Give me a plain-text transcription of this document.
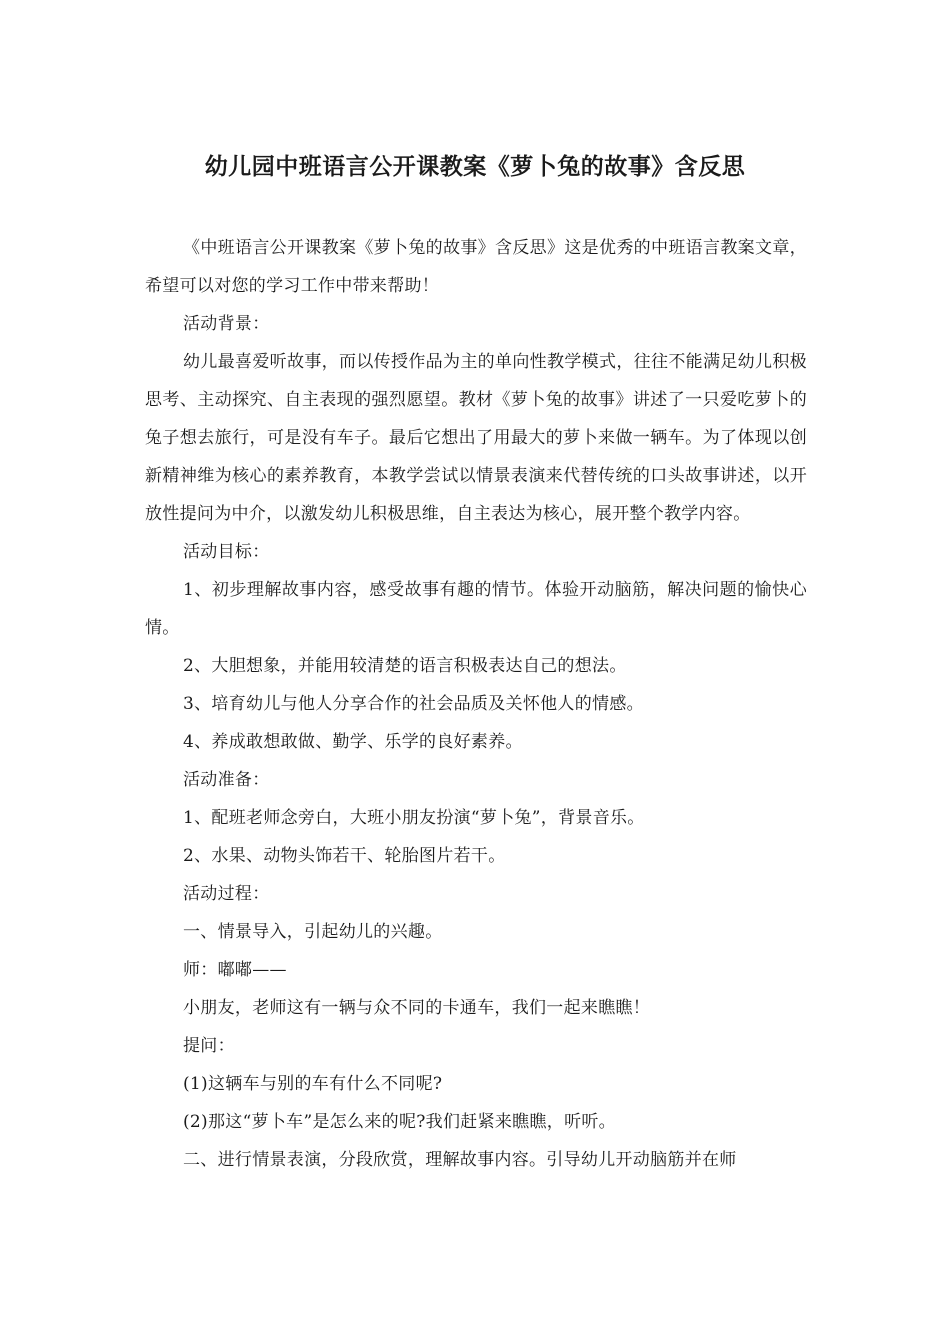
幼儿园中班语言公开课教案《萝卜兔的故事》含反思

《中班语言公开课教案《萝卜兔的故事》含反思》这是优秀的中班语言教案文章，希望可以对您的学习工作中带来帮助！

活动背景：

幼儿最喜爱听故事，而以传授作品为主的单向性教学模式，往往不能满足幼儿积极思考、主动探究、自主表现的强烈愿望。教材《萝卜兔的故事》讲述了一只爱吃萝卜的兔子想去旅行，可是没有车子。最后它想出了用最大的萝卜来做一辆车。为了体现以创新精神维为核心的素养教育，本教学尝试以情景表演来代替传统的口头故事讲述，以开放性提问为中介，以激发幼儿积极思维，自主表达为核心，展开整个教学内容。

活动目标：

1、初步理解故事内容，感受故事有趣的情节。体验开动脑筋，解决问题的愉快心情。

2、大胆想象，并能用较清楚的语言积极表达自己的想法。

3、培育幼儿与他人分享合作的社会品质及关怀他人的情感。

4、养成敢想敢做、勤学、乐学的良好素养。

活动准备：

1、配班老师念旁白，大班小朋友扮演“萝卜兔”，背景音乐。

2、水果、动物头饰若干、轮胎图片若干。

活动过程：

一、情景导入，引起幼儿的兴趣。

师：嘟嘟——

小朋友，老师这有一辆与众不同的卡通车，我们一起来瞧瞧！

提问：

(1)这辆车与别的车有什么不同呢?

(2)那这“萝卜车”是怎么来的呢?我们赶紧来瞧瞧，听听。

二、进行情景表演，分段欣赏，理解故事内容。引导幼儿开动脑筋并在师
